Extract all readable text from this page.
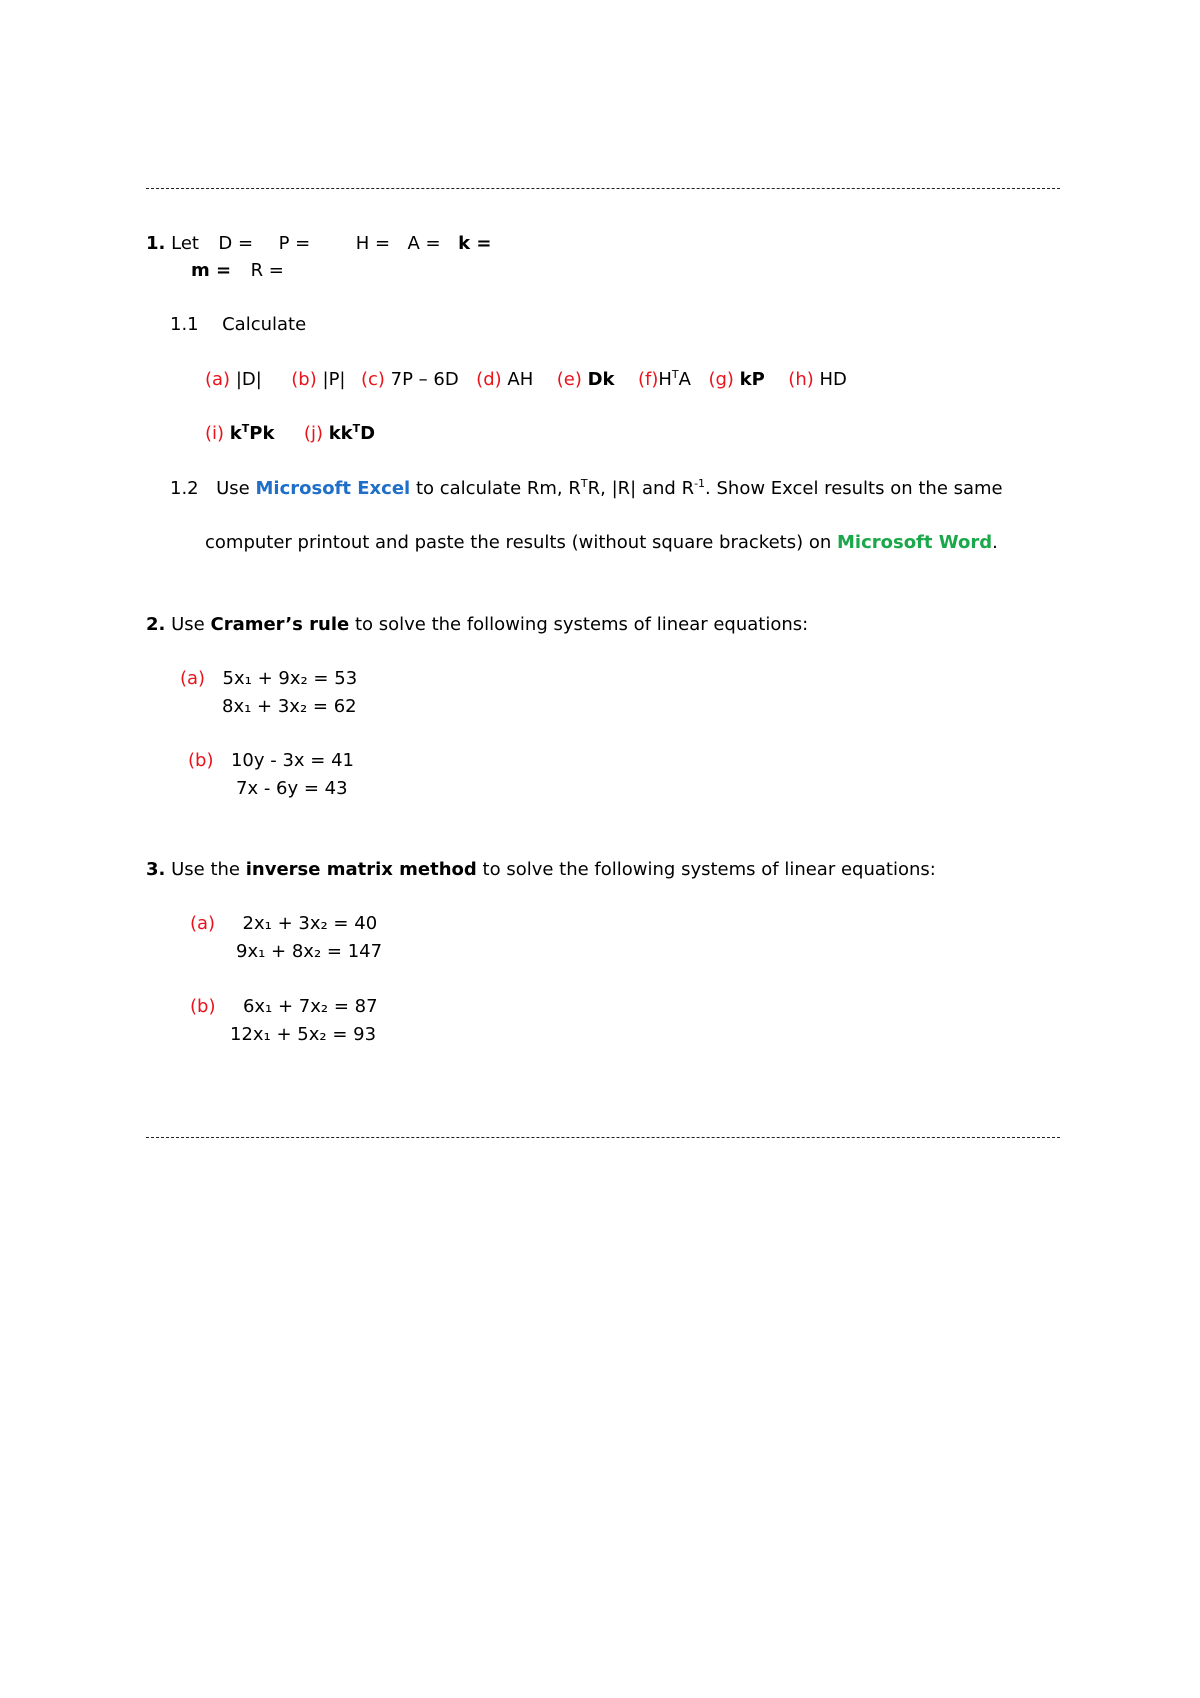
1. Let D = P =	H = A = k =
m = R =
1.1 Calculate
(a) |D| (b) |P| (c) 7P – 6D (d) AH (e) Dk $(f)H^TA$ (g) kP (h) HD
(i) $k^TPk$ (j) $kk^TD$
1.2 Use Microsoft Excel to calculate Rm, $R^TR$, |R| and $R^{-1}$. Show Excel results on the same
computer printout and paste the results (without square brackets) on Microsoft Word.
2. Use Cramer’s rule to solve the following systems of linear equations:
(a) 5x₁ + 9x₂ = 53
8x₁ + 3x₂ = 62
(b) 10y - 3x = 41
7x - 6y = 43
3. Use the inverse matrix method to solve the following systems of linear equations:
(a) 2x₁ + 3x₂ = 40
9x₁ + 8x₂ = 147
(b) 6x₁ + 7x₂ = 87
12x₁ + 5x₂ = 93
